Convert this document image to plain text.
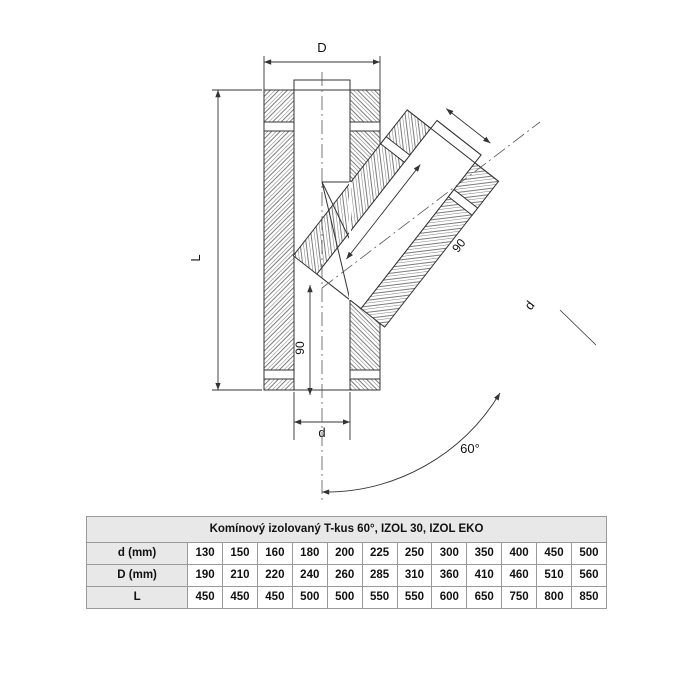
D
L
d
90
90
d
60°
Komínový izolovaný T-kus 60°, IZOL 30, IZOL EKO												
d (mm)	130	150	160	180	200	225	250	300	350	400	450	500
D (mm)	190	210	220	240	260	285	310	360	410	460	510	560
L	450	450	450	500	500	550	550	600	650	750	800	850
